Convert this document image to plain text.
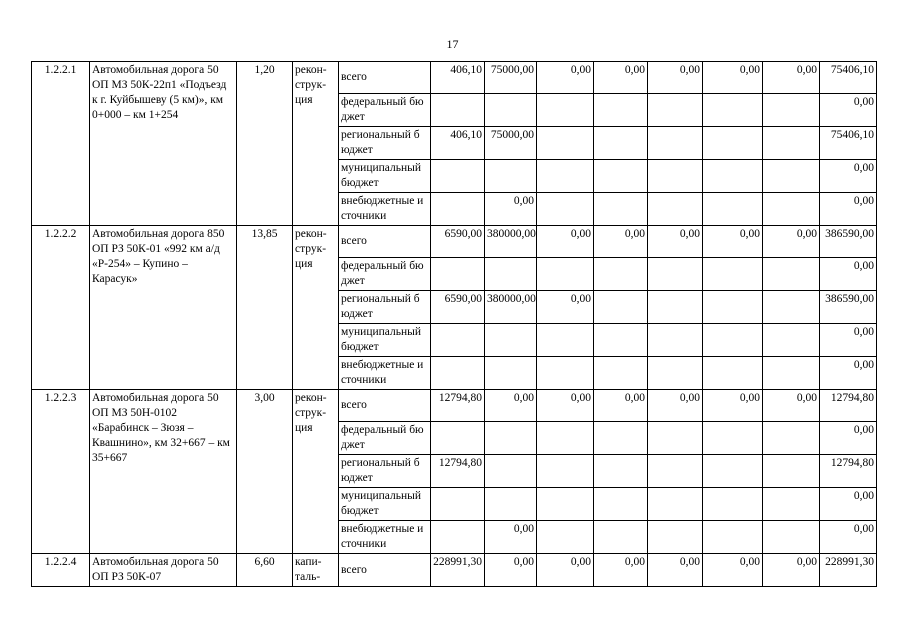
17
1.2.2.1	Автомобильная дорога 50 ОП МЗ 50К-22п1 «Подъезд к г. Куйбышеву (5 км)», км 0+000 – км 1+254	1,20	рекон-струк-ция	всего	406,10	75000,00	0,00	0,00	0,00	0,00	0,00	75406,10
				федеральный бюджет								0,00
				региональный бюджет	406,10	75000,00						75406,10
				муниципальный бюджет								0,00
				внебюджетные источники		0,00						0,00
1.2.2.2	Автомобильная дорога 850 ОП РЗ 50К-01 «992 км а/д «Р-254» – Купино – Карасук»	13,85	рекон-струк-ция	всего	6590,00	380000,00	0,00	0,00	0,00	0,00	0,00	386590,00
				федеральный бюджет								0,00
				региональный бюджет	6590,00	380000,00	0,00					386590,00
				муниципальный бюджет								0,00
				внебюджетные источники								0,00
1.2.2.3	Автомобильная дорога 50 ОП МЗ 50Н-0102 «Барабинск – Зюзя – Квашнино», км 32+667 – км 35+667	3,00	рекон-струк-ция	всего	12794,80	0,00	0,00	0,00	0,00	0,00	0,00	12794,80
				федеральный бюджет								0,00
				региональный бюджет	12794,80							12794,80
				муниципальный бюджет								0,00
				внебюджетные источники		0,00						0,00
1.2.2.4	Автомобильная дорога 50 ОП РЗ 50К-07	6,60	капи-таль-	всего	228991,30	0,00	0,00	0,00	0,00	0,00	0,00	228991,30
